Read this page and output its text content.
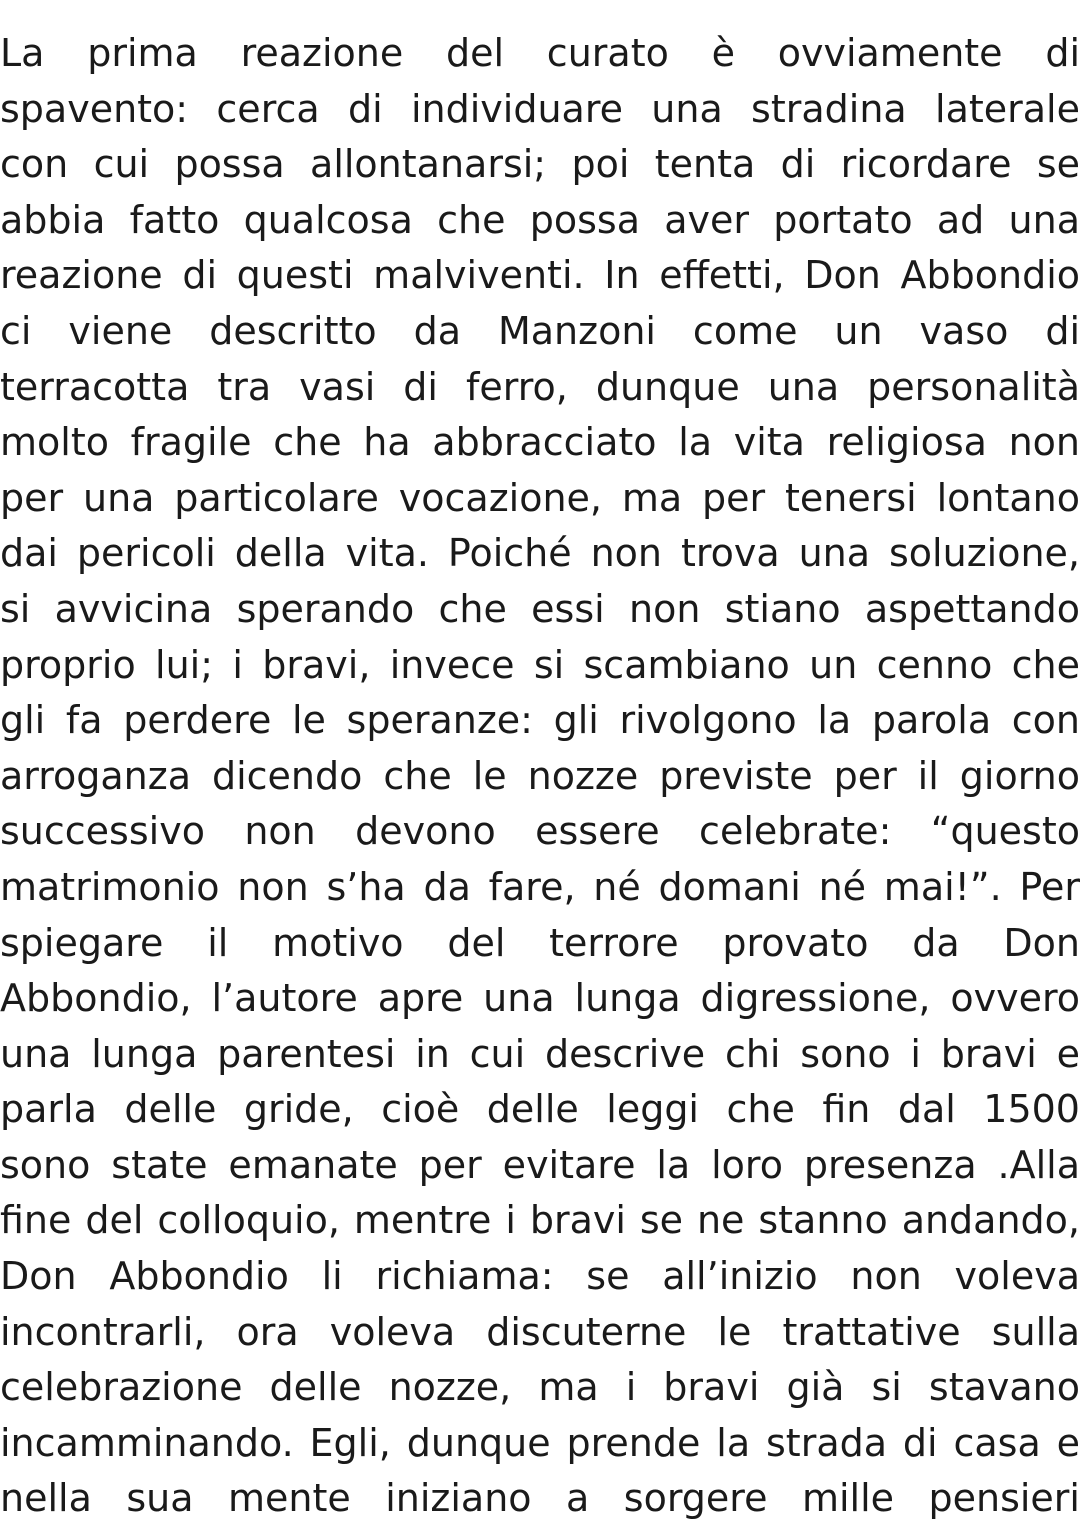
La prima reazione del curato è ovviamente di
spavento: cerca di individuare una stradina laterale
con cui possa allontanarsi; poi tenta di ricordare se
abbia fatto qualcosa che possa aver portato ad una
reazione di questi malviventi. In effetti, Don Abbondio
ci viene descritto da Manzoni come un vaso di
terracotta tra vasi di ferro, dunque una personalità
molto fragile che ha abbracciato la vita religiosa non
per una particolare vocazione, ma per tenersi lontano
dai pericoli della vita. Poiché non trova una soluzione,
si avvicina sperando che essi non stiano aspettando
proprio lui; i bravi, invece si scambiano un cenno che
gli fa perdere le speranze: gli rivolgono la parola con
arroganza dicendo che le nozze previste per il giorno
successivo non devono essere celebrate: “questo
matrimonio non s’ha da fare, né domani né mai!”. Per
spiegare il motivo del terrore provato da Don
Abbondio, l’autore apre una lunga digressione, ovvero
una lunga parentesi in cui descrive chi sono i bravi e
parla delle gride, cioè delle leggi che fin dal 1500
sono state emanate per evitare la loro presenza .Alla
fine del colloquio, mentre i bravi se ne stanno andando,
Don Abbondio li richiama: se all’inizio non voleva
incontrarli, ora voleva discuterne le trattative sulla
celebrazione delle nozze, ma i bravi già si stavano
incamminando. Egli, dunque prende la strada di casa e
nella sua mente iniziano a sorgere mille pensieri
